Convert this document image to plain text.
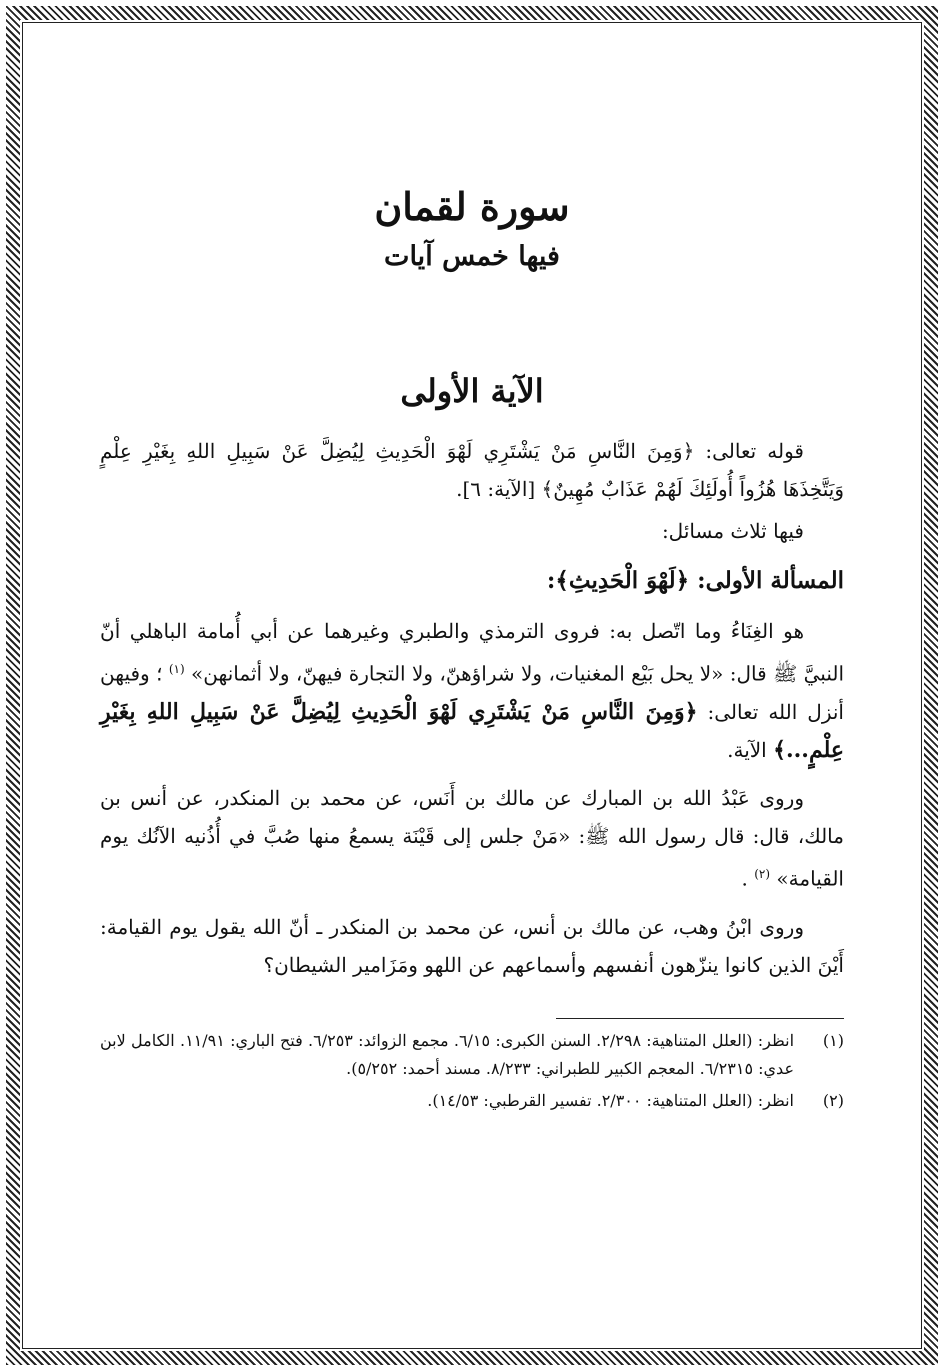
سورة لقمان
فيها خمس آيات
الآية الأولى

قوله تعالى: ﴿وَمِنَ النَّاسِ مَنْ يَشْتَرِي لَهْوَ الْحَدِيثِ لِيُضِلَّ عَنْ سَبِيلِ اللهِ بِغَيْرِ عِلْمٍ وَيَتَّخِذَهَا هُزُواً أُولَئِكَ لَهُمْ عَذَابٌ مُهِينٌ﴾ [الآية: ٦].

فيها ثلاث مسائل:

المسألة الأولى: ﴿لَهْوَ الْحَدِيثِ﴾:

هو الغِنَاءُ وما اتّصل به: فروى الترمذي والطبري وغيرهما عن أبي أُمامة الباهلي أنّ النبيَّ ﷺ قال: «لا يحل بَيْع المغنيات، ولا شراؤهنّ، ولا التجارة فيهنّ، ولا أثمانهن» $^{(١)}$ ؛ وفيهن أنزل الله تعالى: ﴿وَمِنَ النَّاسِ مَنْ يَشْتَرِي لَهْوَ الْحَدِيثِ لِيُضِلَّ عَنْ سَبِيلِ اللهِ بِغَيْرِ عِلْمٍ...﴾ الآية.

وروى عَبْدُ الله بن المبارك عن مالك بن أَنَس، عن محمد بن المنكدر، عن أنس بن مالك، قال: قال رسول الله ﷺ: «مَنْ جلس إلى قَيْنَة يسمعُ منها صُبَّ في أُذُنيه الآنُك يوم القيامة» $^{(٢)}$ .

وروى ابْنُ وهب، عن مالك بن أنس، عن محمد بن المنكدر ـ أنّ الله يقول يوم القيامة: أَيْنَ الذين كانوا ينزّهون أنفسهم وأسماعهم عن اللهو ومَزَامير الشيطان؟

(١)
انظر: (العلل المتناهية: ٢/٢٩٨. السنن الكبرى: ٦/١٥. مجمع الزوائد: ٦/٢٥٣. فتح الباري: ١١/٩١. الكامل لابن عدي: ٦/٢٣١٥. المعجم الكبير للطبراني: ٨/٢٣٣. مسند أحمد: ٥/٢٥٢).
(٢)
انظر: (العلل المتناهية: ٢/٣٠٠. تفسير القرطبي: ١٤/٥٣).
